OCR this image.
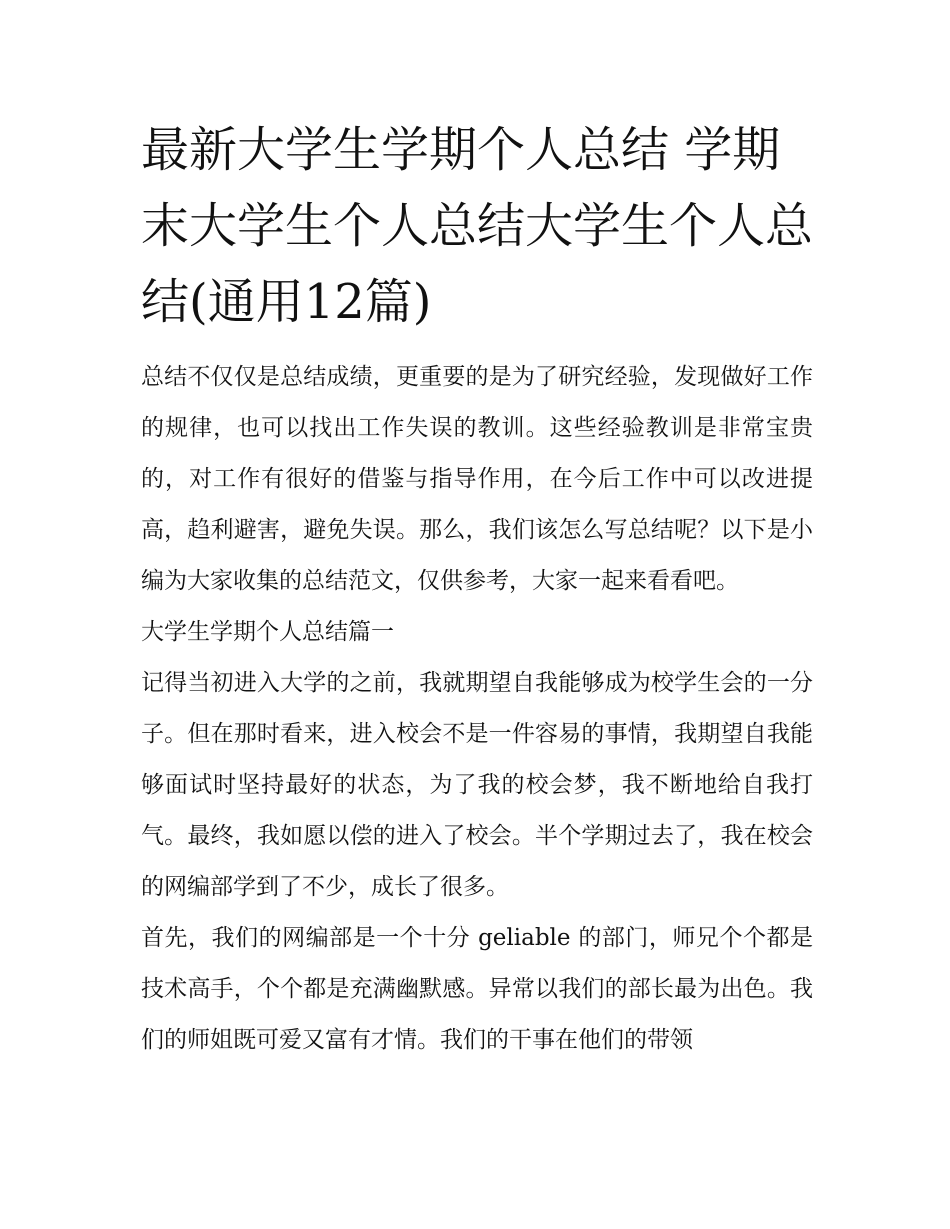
最新大学生学期个人总结 学期末大学生个人总结大学生个人总结(通用12篇)

总结不仅仅是总结成绩，更重要的是为了研究经验，发现做好工作的规律，也可以找出工作失误的教训。这些经验教训是非常宝贵的，对工作有很好的借鉴与指导作用，在今后工作中可以改进提高，趋利避害，避免失误。那么，我们该怎么写总结呢？以下是小编为大家收集的总结范文，仅供参考，大家一起来看看吧。

大学生学期个人总结篇一

记得当初进入大学的之前，我就期望自我能够成为校学生会的一分子。但在那时看来，进入校会不是一件容易的事情，我期望自我能够面试时坚持最好的状态，为了我的校会梦，我不断地给自我打气。最终，我如愿以偿的进入了校会。半个学期过去了，我在校会的网编部学到了不少，成长了很多。

首先，我们的网编部是一个十分 geliable 的部门，师兄个个都是技术高手，个个都是充满幽默感。异常以我们的部长最为出色。我们的师姐既可爱又富有才情。我们的干事在他们的带领
